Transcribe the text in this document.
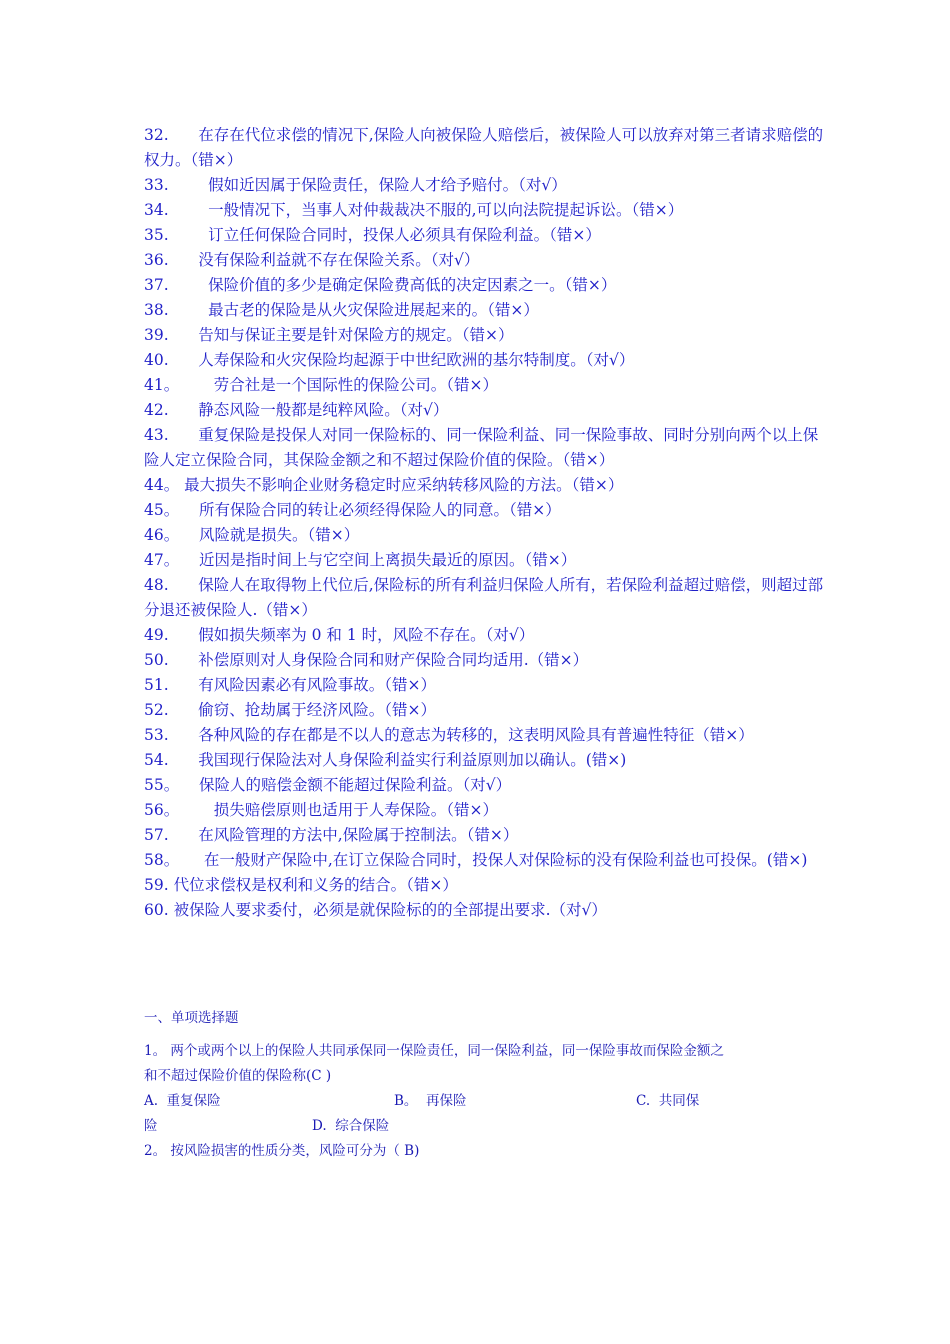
32. 在存在代位求偿的情况下,保险人向被保险人赔偿后，被保险人可以放弃对第三者请求赔偿的权力。（错×）
33.	假如近因属于保险责任，保险人才给予赔付。（对√）
34.	一般情况下，当事人对仲裁裁决不服的,可以向法院提起诉讼。（错×）
35.	订立任何保险合同时，投保人必须具有保险利益。（错×）
36. 没有保险利益就不存在保险关系。（对√）
37.	保险价值的多少是确定保险费高低的决定因素之一。（错×）
38.	最古老的保险是从火灾保险进展起来的。（错×）
39. 告知与保证主要是针对保险方的规定。（错×）
40. 人寿保险和火灾保险均起源于中世纪欧洲的基尔特制度。（对√）
41。 劳合社是一个国际性的保险公司。（错×）
42. 静态风险一般都是纯粹风险。（对√）
43. 重复保险是投保人对同一保险标的、同一保险利益、同一保险事故、同时分别向两个以上保险人定立保险合同，其保险金额之和不超过保险价值的保险。（错×）
44。 最大损失不影响企业财务稳定时应采纳转移风险的方法。（错×）
45。 所有保险合同的转让必须经得保险人的同意。（错×）
46。 风险就是损失。（错×）
47。 近因是指时间上与它空间上离损失最近的原因。（错×）
48. 保险人在取得物上代位后,保险标的所有利益归保险人所有，若保险利益超过赔偿，则超过部分退还被保险人.（错×）
49. 假如损失频率为 0 和 1 时，风险不存在。（对√）
50. 补偿原则对人身保险合同和财产保险合同均适用.（错×）
51. 有风险因素必有风险事故。（错×）
52. 偷窃、抢劫属于经济风险。（错×）
53. 各种风险的存在都是不以人的意志为转移的，这表明风险具有普遍性特征（错×）
54. 我国现行保险法对人身保险利益实行利益原则加以确认。(错×)
55。 保险人的赔偿金额不能超过保险利益。（对√）
56。 损失赔偿原则也适用于人寿保险。（错×）
57. 在风险管理的方法中,保险属于控制法。（错×）
58。 在一般财产保险中,在订立保险合同时，投保人对保险标的没有保险利益也可投保。(错×)
59. 代位求偿权是权利和义务的结合。（错×）
60. 被保险人要求委付，必须是就保险标的的全部提出要求.（对√）
一、单项选择题
1。 两个或两个以上的保险人共同承保同一保险责任，同一保险利益，同一保险事故而保险金额之
和不超过保险价值的保险称(C )
A.  重复保险	B。  再保险	C.  共同保
险	D.  综合保险
2。 按风险损害的性质分类，风险可分为（ B)
